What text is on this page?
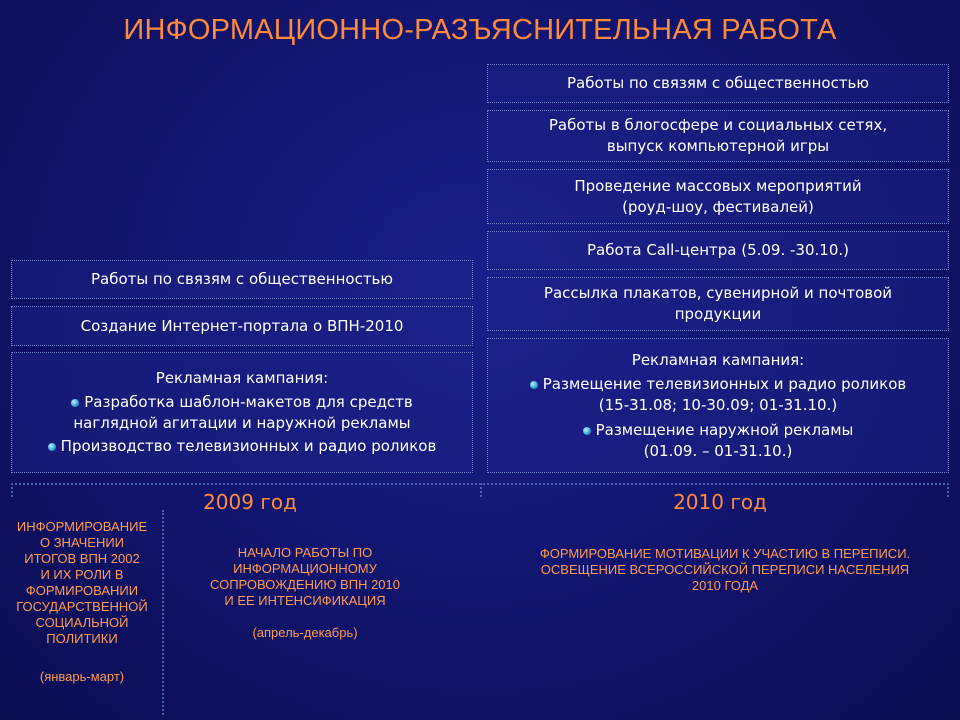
ИНФОРМАЦИОННО-РАЗЪЯСНИТЕЛЬНАЯ РАБОТА
Работы по связям с общественностью
Работы в блогосфере и социальных сетях,
выпуск компьютерной игры
Проведение массовых мероприятий
(роуд-шоу, фестивалей)
Работа Call-центра (5.09. -30.10.)
Рассылка плакатов, сувенирной и почтовой
продукции
Рекламная кампания:
Размещение телевизионных и радио роликов
(15-31.08; 10-30.09; 01-31.10.)
Размещение наружной рекламы
(01.09. – 01-31.10.)
Работы по связям с общественностью
Создание Интернет-портала о ВПН-2010
Рекламная кампания:
Разработка шаблон-макетов для средств
наглядной агитации и наружной рекламы
Производство телевизионных и радио роликов
2009 год	2010 год
ИНФОРМИРОВАНИЕ
О ЗНАЧЕНИИ
ИТОГОВ ВПН 2002
И ИХ РОЛИ В
ФОРМИРОВАНИИ
ГОСУДАРСТВЕННОЙ
СОЦИАЛЬНОЙ
ПОЛИТИКИ
(январь-март)
НАЧАЛО РАБОТЫ ПО
ИНФОРМАЦИОННОМУ
СОПРОВОЖДЕНИЮ ВПН 2010
И ЕЕ ИНТЕНСИФИКАЦИЯ
(апрель-декабрь)
ФОРМИРОВАНИЕ МОТИВАЦИИ К УЧАСТИЮ В ПЕРЕПИСИ.
ОСВЕЩЕНИЕ ВСЕРОССИЙСКОЙ ПЕРЕПИСИ НАСЕЛЕНИЯ
2010 ГОДА
